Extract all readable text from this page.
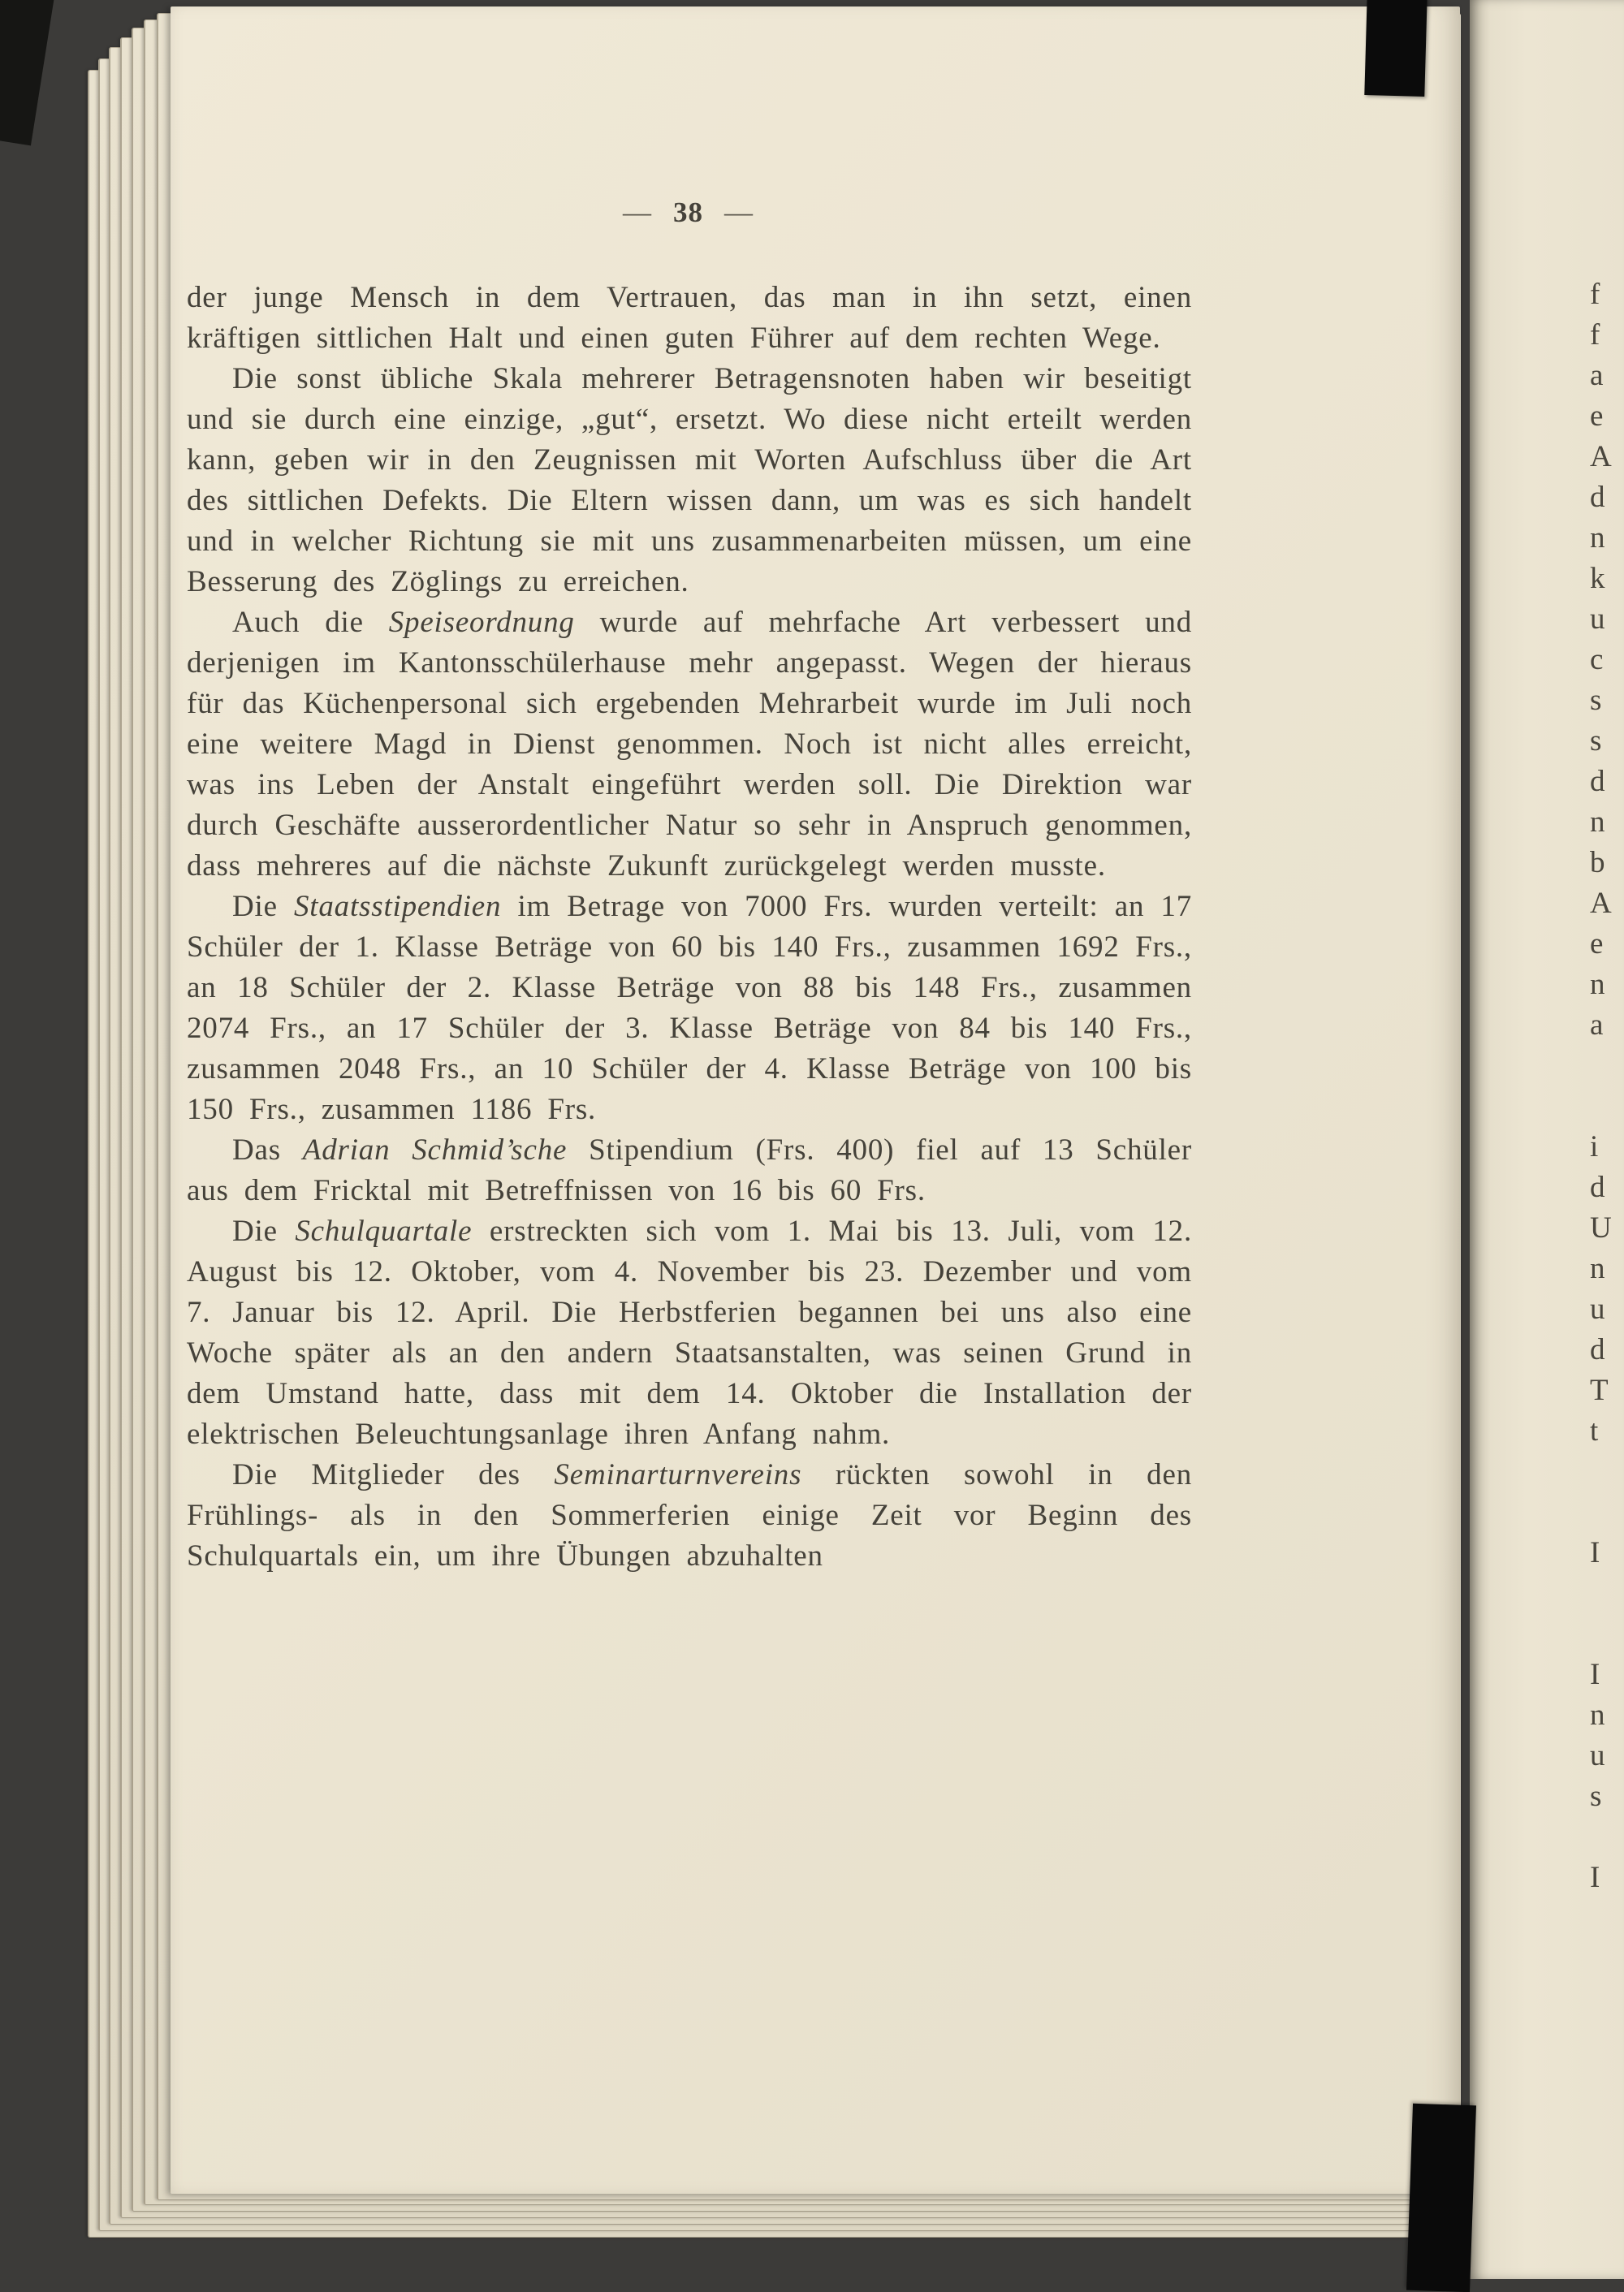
— 38 —

der junge Mensch in dem Vertrauen, das man in ihn setzt, einen kräftigen sittlichen Halt und einen guten Führer auf dem rechten Wege.

Die sonst übliche Skala mehrerer Betragensnoten haben wir beseitigt und sie durch eine einzige, „gut“, ersetzt. Wo diese nicht erteilt werden kann, geben wir in den Zeugnissen mit Worten Aufschluss über die Art des sittlichen Defekts. Die Eltern wissen dann, um was es sich handelt und in welcher Richtung sie mit uns zusammenarbeiten müssen, um eine Besserung des Zöglings zu erreichen.

Auch die Speiseordnung wurde auf mehrfache Art verbessert und derjenigen im Kantonsschülerhause mehr angepasst. Wegen der hieraus für das Küchenpersonal sich ergebenden Mehrarbeit wurde im Juli noch eine weitere Magd in Dienst genommen. Noch ist nicht alles erreicht, was ins Leben der Anstalt eingeführt werden soll. Die Direktion war durch Geschäfte ausserordentlicher Natur so sehr in Anspruch genommen, dass mehreres auf die nächste Zukunft zurückgelegt werden musste.

Die Staatsstipendien im Betrage von 7000 Frs. wurden verteilt: an 17 Schüler der 1. Klasse Beträge von 60 bis 140 Frs., zusammen 1692 Frs., an 18 Schüler der 2. Klasse Beträge von 88 bis 148 Frs., zusammen 2074 Frs., an 17 Schüler der 3. Klasse Beträge von 84 bis 140 Frs., zusammen 2048 Frs., an 10 Schüler der 4. Klasse Beträge von 100 bis 150 Frs., zusammen 1186 Frs.

Das Adrian Schmid’sche Stipendium (Frs. 400) fiel auf 13 Schüler aus dem Fricktal mit Betreffnissen von 16 bis 60 Frs.

Die Schulquartale erstreckten sich vom 1. Mai bis 13. Juli, vom 12. August bis 12. Oktober, vom 4. November bis 23. Dezember und vom 7. Januar bis 12. April. Die Herbstferien begannen bei uns also eine Woche später als an den andern Staatsanstalten, was seinen Grund in dem Umstand hatte, dass mit dem 14. Oktober die Installation der elektrischen Beleuchtungsanlage ihren Anfang nahm.

Die Mitglieder des Seminarturnvereins rückten sowohl in den Frühlings- als in den Sommerferien einige Zeit vor Beginn des Schulquartals ein, um ihre Übungen abzuhalten

f
f
a
e
A
d
n
k
u
c
s
s
d
n
b
A
e
n
a
i
d
U
n
u
d
T
t
I
I
n
u
s
I
